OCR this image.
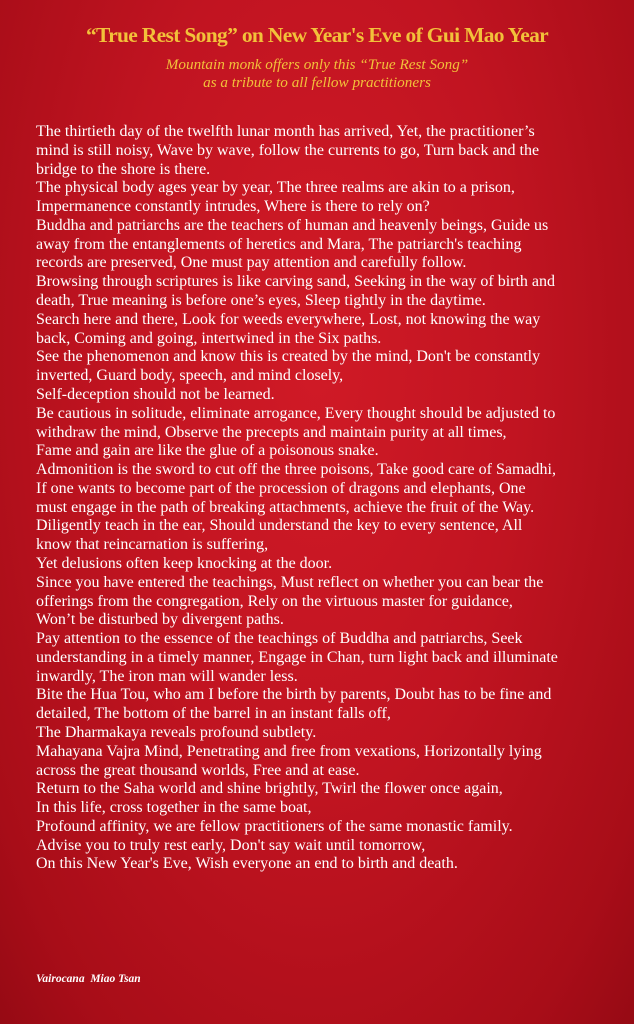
“True Rest Song” on New Year's Eve of Gui Mao Year
Mountain monk offers only this “True Rest Song”
as a tribute to all fellow practitioners
The thirtieth day of the twelfth lunar month has arrived, Yet, the practitioner’s
mind is still noisy, Wave by wave, follow the currents to go, Turn back and the
bridge to the shore is there.
The physical body ages year by year, The three realms are akin to a prison,
Impermanence constantly intrudes, Where is there to rely on?
Buddha and patriarchs are the teachers of human and heavenly beings, Guide us
away from the entanglements of heretics and Mara, The patriarch's teaching
records are preserved, One must pay attention and carefully follow.
Browsing through scriptures is like carving sand, Seeking in the way of birth and
death, True meaning is before one’s eyes, Sleep tightly in the daytime.
Search here and there, Look for weeds everywhere, Lost, not knowing the way
back, Coming and going, intertwined in the Six paths.
See the phenomenon and know this is created by the mind, Don't be constantly
inverted, Guard body, speech, and mind closely,
Self-deception should not be learned.
Be cautious in solitude, eliminate arrogance, Every thought should be adjusted to
withdraw the mind, Observe the precepts and maintain purity at all times,
Fame and gain are like the glue of a poisonous snake.
Admonition is the sword to cut off the three poisons, Take good care of Samadhi,
If one wants to become part of the procession of dragons and elephants, One
must engage in the path of breaking attachments, achieve the fruit of the Way.
Diligently teach in the ear, Should understand the key to every sentence, All
know that reincarnation is suffering,
Yet delusions often keep knocking at the door.
Since you have entered the teachings, Must reflect on whether you can bear the
offerings from the congregation, Rely on the virtuous master for guidance,
Won’t be disturbed by divergent paths.
Pay attention to the essence of the teachings of Buddha and patriarchs, Seek
understanding in a timely manner, Engage in Chan, turn light back and illuminate
inwardly, The iron man will wander less.
Bite the Hua Tou, who am I before the birth by parents, Doubt has to be fine and
detailed, The bottom of the barrel in an instant falls off,
The Dharmakaya reveals profound subtlety.
Mahayana Vajra Mind, Penetrating and free from vexations, Horizontally lying
across the great thousand worlds, Free and at ease.
Return to the Saha world and shine brightly, Twirl the flower once again,
In this life, cross together in the same boat,
Profound affinity, we are fellow practitioners of the same monastic family.
Advise you to truly rest early, Don't say wait until tomorrow,
On this New Year's Eve, Wish everyone an end to birth and death.
Vairocana  Miao Tsan
